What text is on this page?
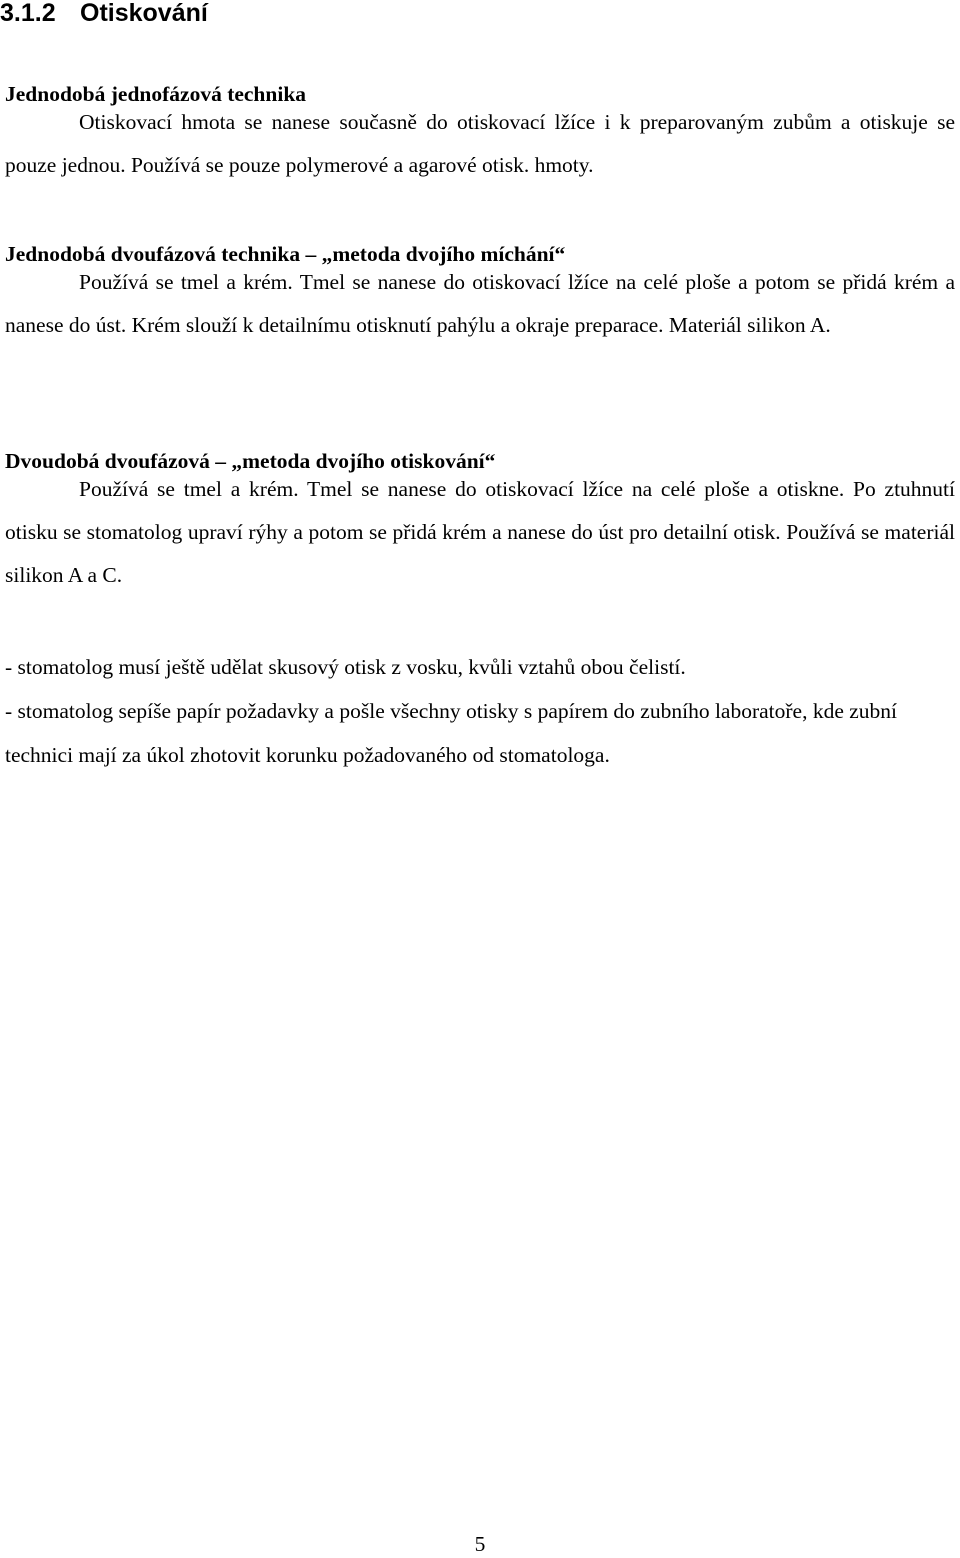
3.1.2 Otiskování
Jednodobá jednofázová technika

Otiskovací hmota se nanese současně do otiskovací lžíce i k preparovaným zubům a otiskuje se pouze jednou. Používá se pouze polymerové a agarové otisk. hmoty.

Jednodobá dvoufázová technika – „metoda dvojího míchání“

Používá se tmel a krém. Tmel se nanese do otiskovací lžíce na celé ploše a potom se přidá krém a nanese do úst. Krém slouží k detailnímu otisknutí pahýlu a okraje preparace. Materiál silikon A.

Dvoudobá dvoufázová – „metoda dvojího otiskování“

Používá se tmel a krém. Tmel se nanese do otiskovací lžíce na celé ploše a otiskne. Po ztuhnutí otisku se stomatolog upraví rýhy a potom se přidá krém a nanese do úst pro detailní otisk. Používá se materiál silikon A a C.

- stomatolog musí ještě udělat skusový otisk z vosku, kvůli vztahů obou čelistí.

- stomatolog sepíše papír požadavky a pošle všechny otisky s papírem do zubního laboratoře, kde zubní technici mají za úkol zhotovit korunku požadovaného od stomatologa.

5
